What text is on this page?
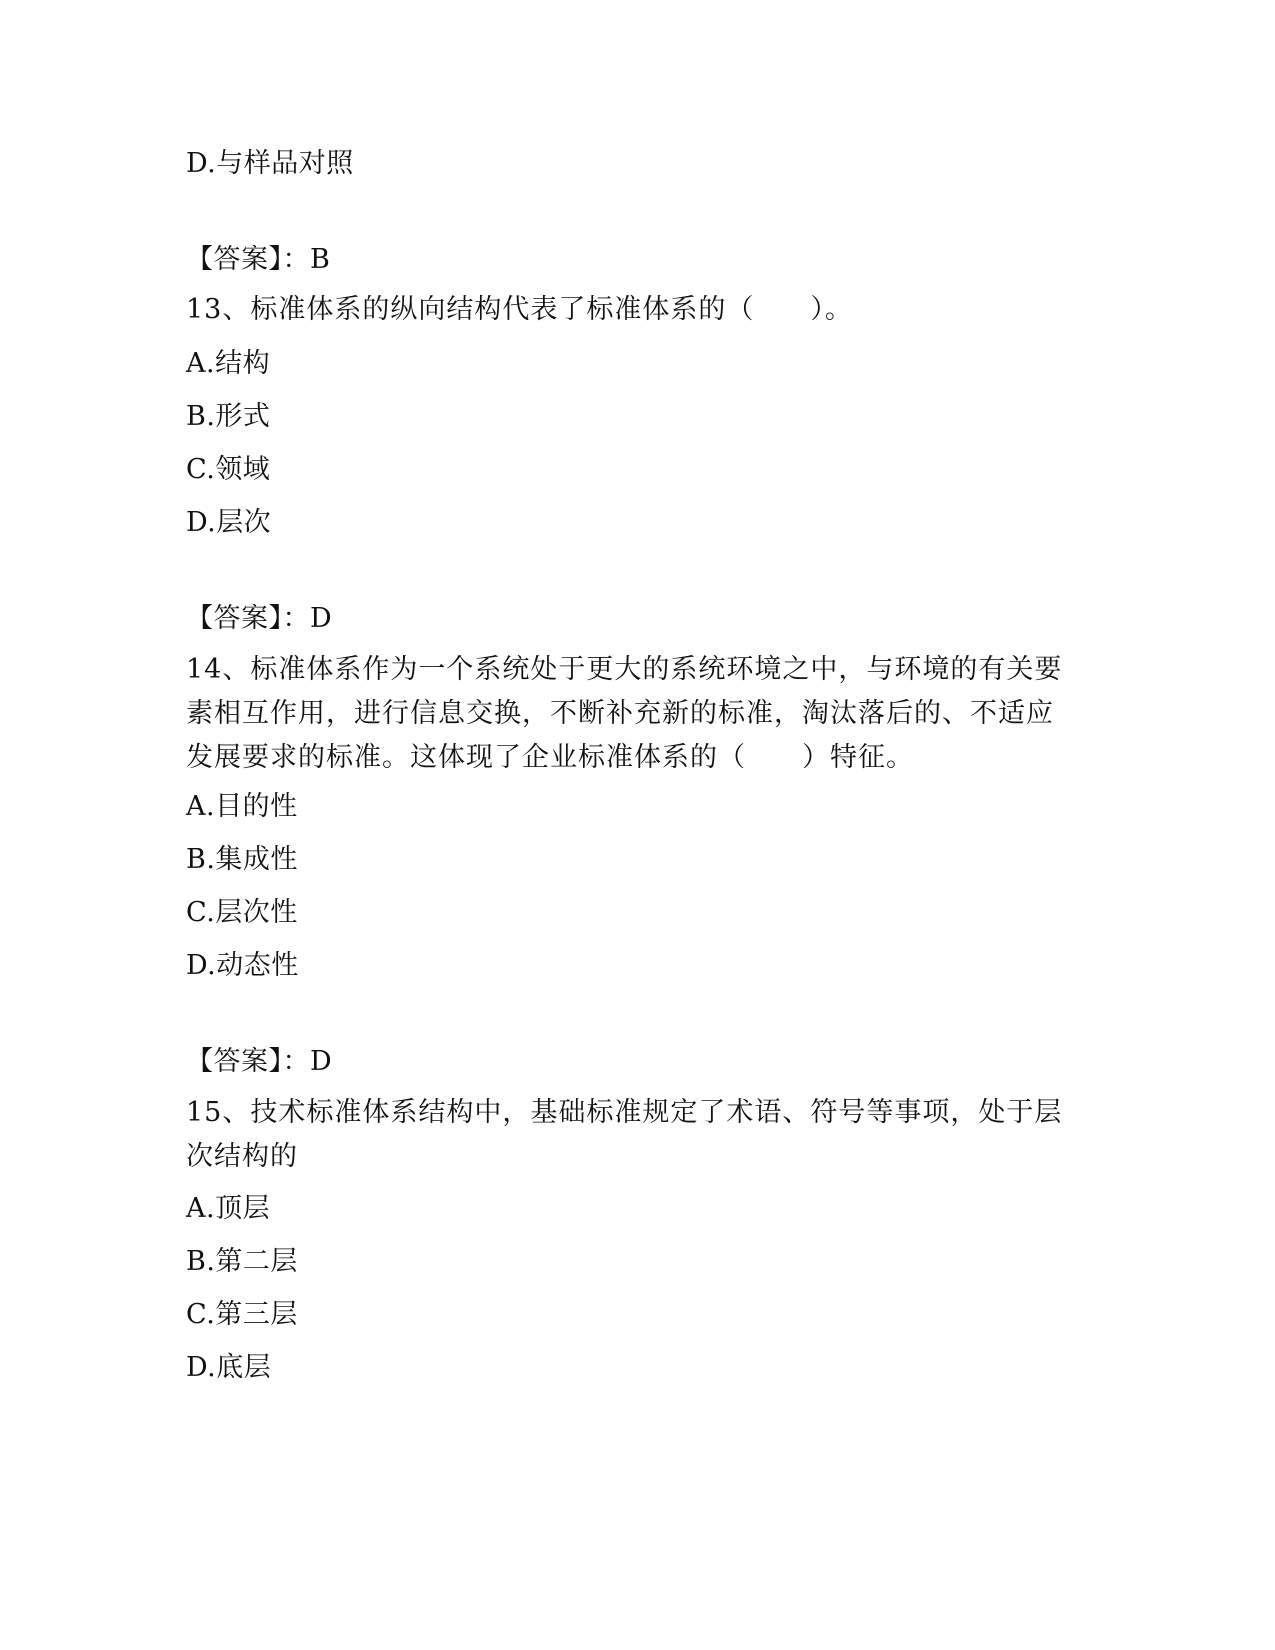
D.与样品对照
【答案】：B
13、标准体系的纵向结构代表了标准体系的（　　）。
A.结构
B.形式
C.领域
D.层次
【答案】：D
14、标准体系作为一个系统处于更大的系统环境之中，与环境的有关要素相互作用，进行信息交换，不断补充新的标准，淘汰落后的、不适应发展要求的标准。这体现了企业标准体系的（　　）特征。
A.目的性
B.集成性
C.层次性
D.动态性
【答案】：D
15、技术标准体系结构中，基础标准规定了术语、符号等事项，处于层次结构的
A.顶层
B.第二层
C.第三层
D.底层
